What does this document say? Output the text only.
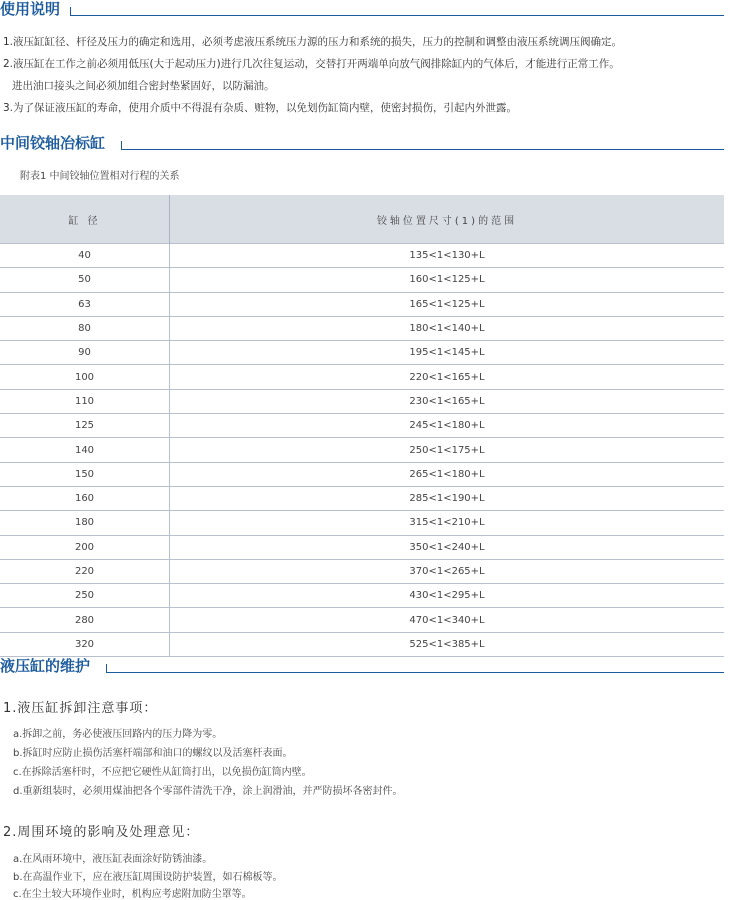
使用说明
1.液压缸缸径、杆径及压力的确定和选用，必须考虑液压系统压力源的压力和系统的损失，压力的控制和调整由液压系统调压阀确定。
2.液压缸在工作之前必须用低压(大于起动压力)进行几次往复运动，交替打开两端单向放气阀排除缸内的气体后，才能进行正常工作。
进出油口接头之间必须加组合密封垫紧固好，以防漏油。
3.为了保证液压缸的寿命，使用介质中不得混有杂质、赃物，以免划伤缸筒内壁，使密封损伤，引起内外泄露。
中间铰轴冶标缸
附表1 中间铰轴位置相对行程的关系
缸 径	铰轴位置尺寸(1)的范围
40	135<1<130+L
50	160<1<125+L
63	165<1<125+L
80	180<1<140+L
90	195<1<145+L
100	220<1<165+L
110	230<1<165+L
125	245<1<180+L
140	250<1<175+L
150	265<1<180+L
160	285<1<190+L
180	315<1<210+L
200	350<1<240+L
220	370<1<265+L
250	430<1<295+L
280	470<1<340+L
320	525<1<385+L
液压缸的维护
1.液压缸拆卸注意事项：
a.拆卸之前，务必使液压回路内的压力降为零。
b.拆缸时应防止损伤活塞杆端部和油口的螺纹以及活塞杆表面。
c.在拆除活塞杆时，不应把它硬性从缸筒打出，以免损伤缸筒内壁。
d.重新组装时，必须用煤油把各个零部件清洗干净，涂上润滑油，并严防损坏各密封件。
2.周围环境的影响及处理意见：
a.在风雨环境中，液压缸表面涂好防锈油漆。
b.在高温作业下，应在液压缸周围设防护装置，如石棉板等。
c.在尘土较大环境作业时，机构应考虑附加防尘罩等。
